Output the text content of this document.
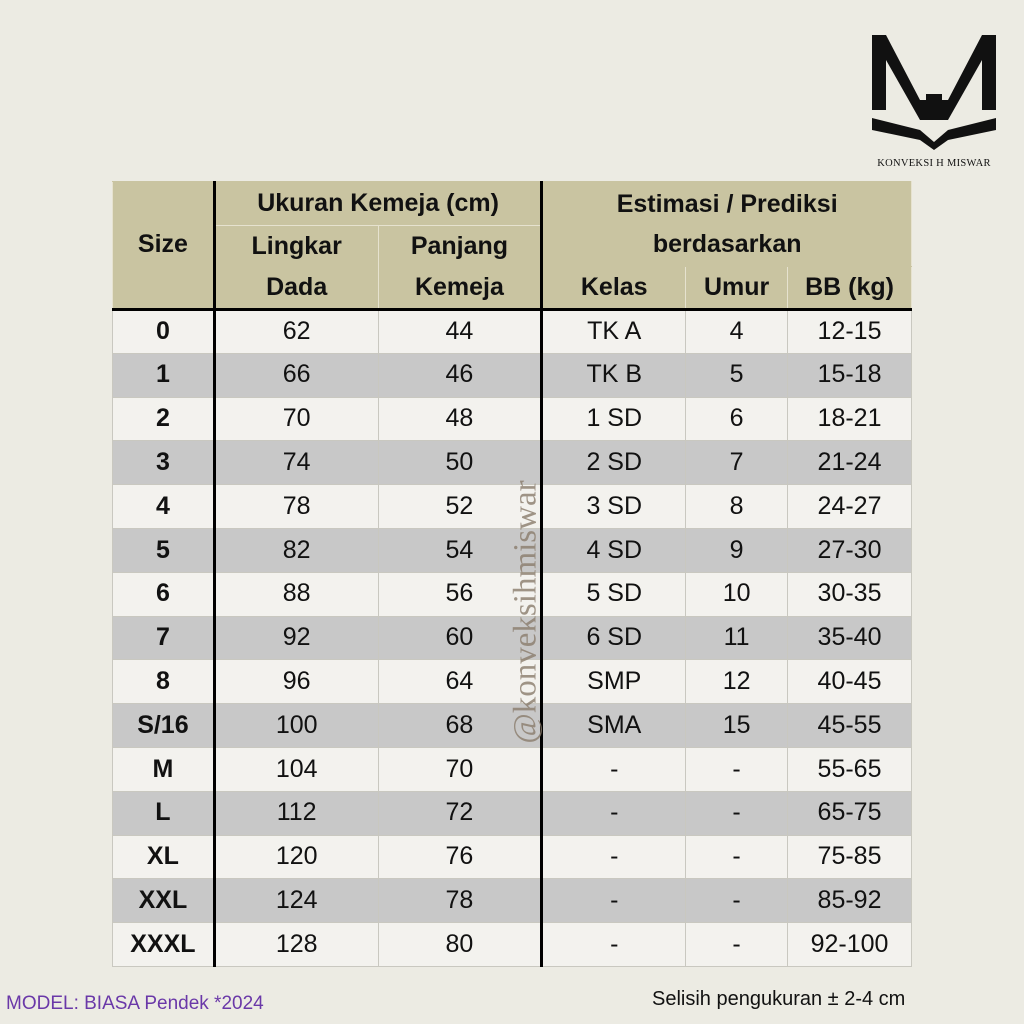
KONVEKSI H MISWAR
Size	Ukuran Kemeja (cm)		Estimasi / Prediksi berdasarkan		

	Lingkar Dada	Panjang Kemeja			

			Kelas	Umur	BB (kg)
0	62	44	TK A	4	12-15
1	66	46	TK B	5	15-18
2	70	48	1 SD	6	18-21
3	74	50	2 SD	7	21-24
4	78	52	3 SD	8	24-27
5	82	54	4 SD	9	27-30
6	88	56	5 SD	10	30-35
7	92	60	6 SD	11	35-40
8	96	64	SMP	12	40-45
S/16	100	68	SMA	15	45-55
M	104	70	-	-	55-65
L	112	72	-	-	65-75
XL	120	76	-	-	75-85
XXL	124	78	-	-	85-92
XXXL	128	80	-	-	92-100
@konveksihmiswar
MODEL: BIASA Pendek *2024	Selisih pengukuran ± 2-4 cm
